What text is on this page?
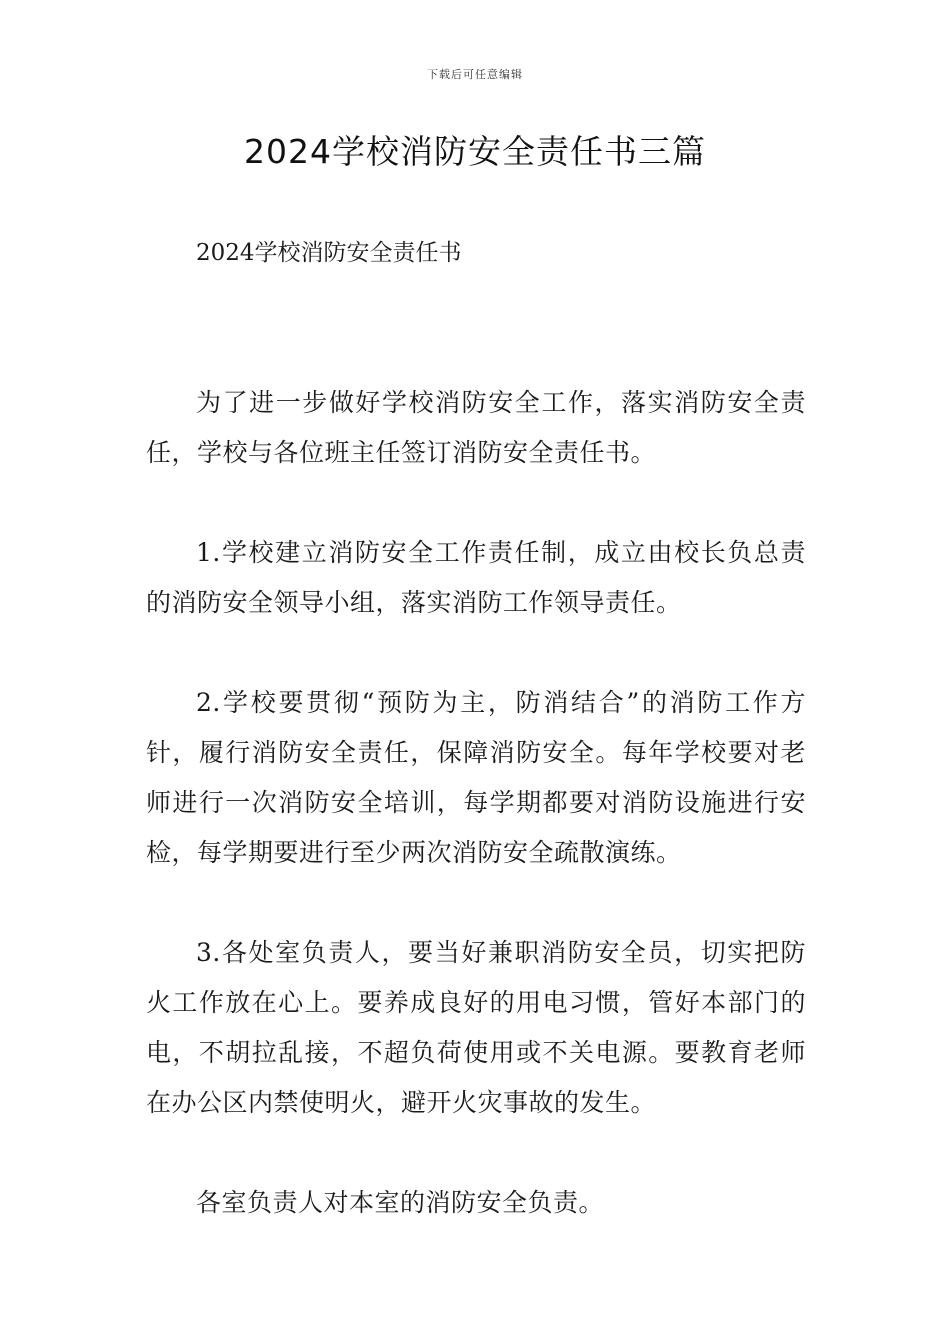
下载后可任意编辑
2024学校消防安全责任书三篇

2024学校消防安全责任书

为了进一步做好学校消防安全工作，落实消防安全责任，学校与各位班主任签订消防安全责任书。

1.学校建立消防安全工作责任制，成立由校长负总责的消防安全领导小组，落实消防工作领导责任。

2.学校要贯彻“预防为主，防消结合”的消防工作方针，履行消防安全责任，保障消防安全。每年学校要对老师进行一次消防安全培训，每学期都要对消防设施进行安检，每学期要进行至少两次消防安全疏散演练。

3.各处室负责人，要当好兼职消防安全员，切实把防火工作放在心上。要养成良好的用电习惯，管好本部门的电，不胡拉乱接，不超负荷使用或不关电源。要教育老师在办公区内禁使明火，避开火灾事故的发生。

各室负责人对本室的消防安全负责。
